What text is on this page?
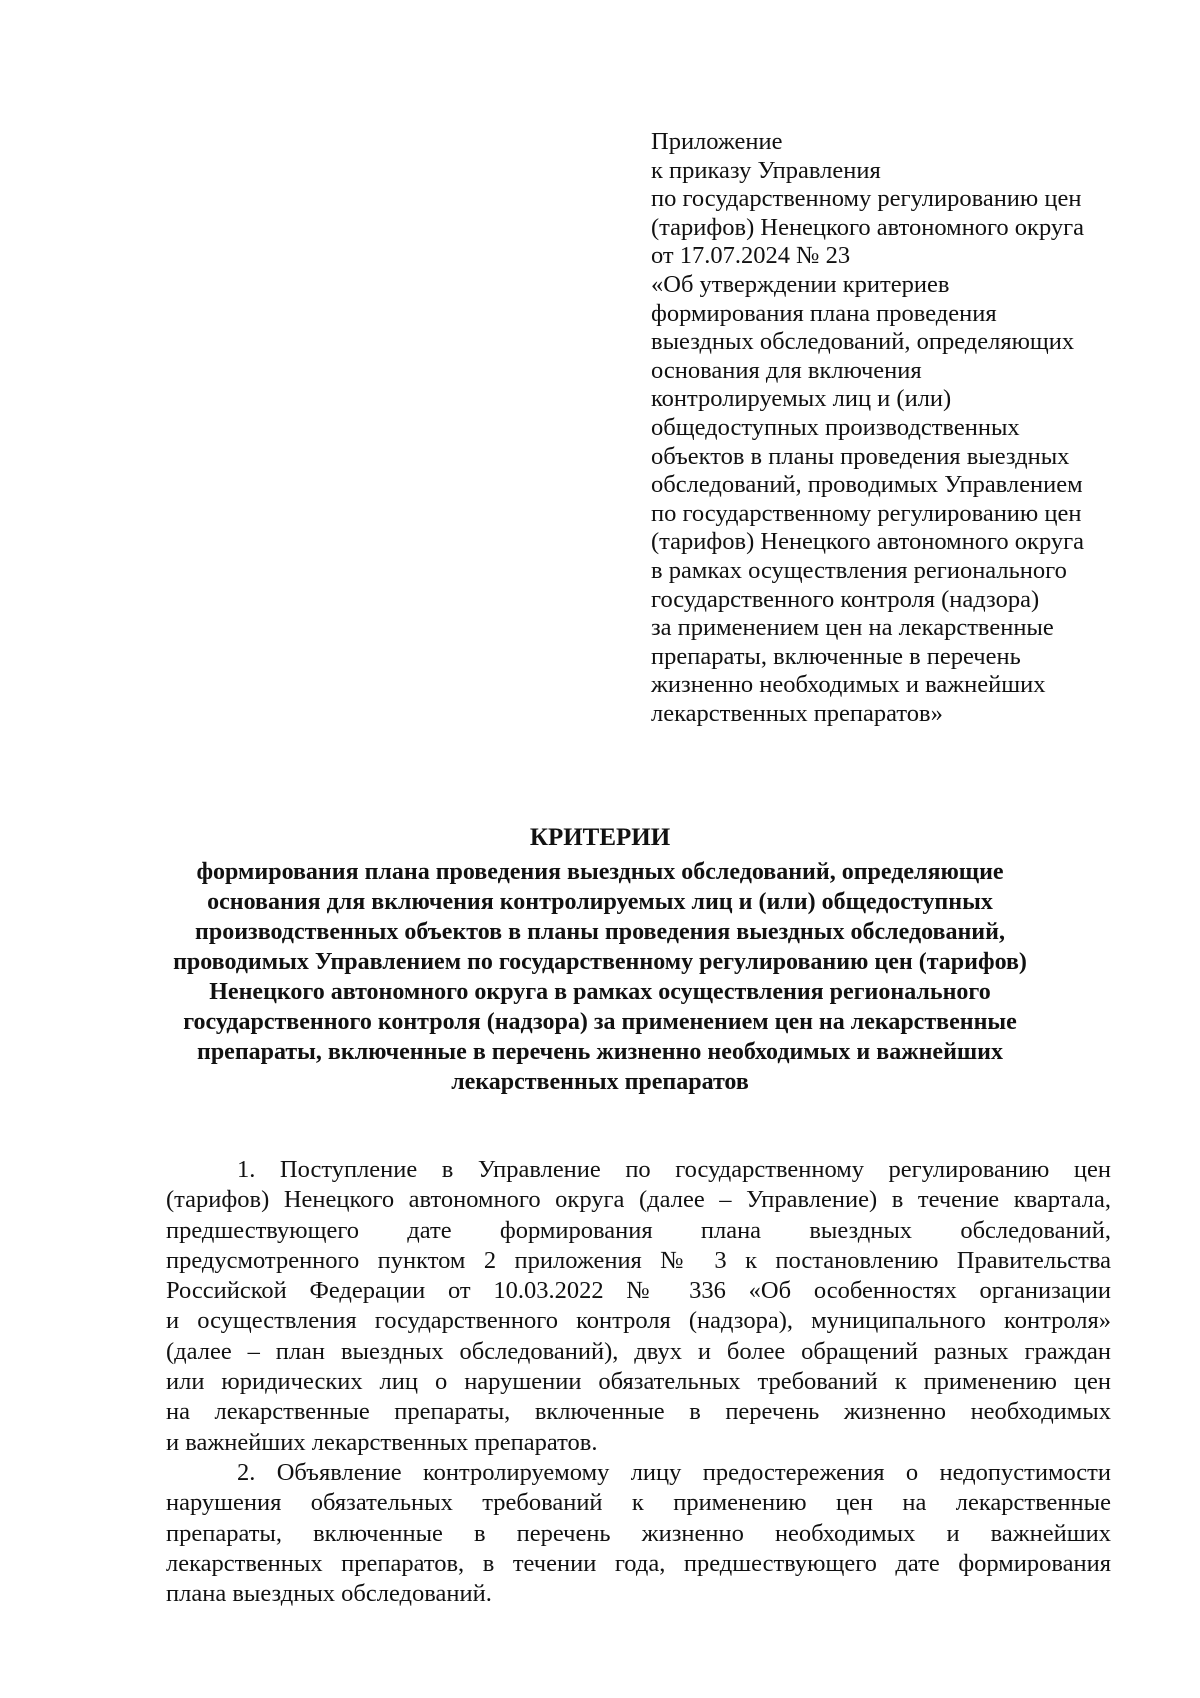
Приложение
к приказу Управления
по государственному регулированию цен
(тарифов) Ненецкого автономного округа
от 17.07.2024 № 23
«Об утверждении критериев
формирования плана проведения
выездных обследований, определяющих
основания для включения
контролируемых лиц и (или)
общедоступных производственных
объектов в планы проведения выездных
обследований, проводимых Управлением
по государственному регулированию цен
(тарифов) Ненецкого автономного округа
в рамках осуществления регионального
государственного контроля (надзора)
за применением цен на лекарственные
препараты, включенные в перечень
жизненно необходимых и важнейших
лекарственных препаратов»
КРИТЕРИИ
формирования плана проведения выездных обследований, определяющие
основания для включения контролируемых лиц и (или) общедоступных
производственных объектов в планы проведения выездных обследований,
проводимых Управлением по государственному регулированию цен (тарифов)
Ненецкого автономного округа в рамках осуществления регионального
государственного контроля (надзора) за применением цен на лекарственные
препараты, включенные в перечень жизненно необходимых и важнейших
лекарственных препаратов
1. Поступление в Управление по государственному регулированию цен
(тарифов) Ненецкого автономного округа (далее – Управление) в течение квартала,
предшествующего дате формирования плана выездных обследований,
предусмотренного пунктом 2 приложения № 3 к постановлению Правительства
Российской Федерации от 10.03.2022 № 336 «Об особенностях организации
и осуществления государственного контроля (надзора), муниципального контроля»
(далее – план выездных обследований), двух и более обращений разных граждан
или юридических лиц о нарушении обязательных требований к применению цен
на лекарственные препараты, включенные в перечень жизненно необходимых
и важнейших лекарственных препаратов.
2. Объявление контролируемому лицу предостережения о недопустимости
нарушения обязательных требований к применению цен на лекарственные
препараты, включенные в перечень жизненно необходимых и важнейших
лекарственных препаратов, в течении года, предшествующего дате формирования
плана выездных обследований.
